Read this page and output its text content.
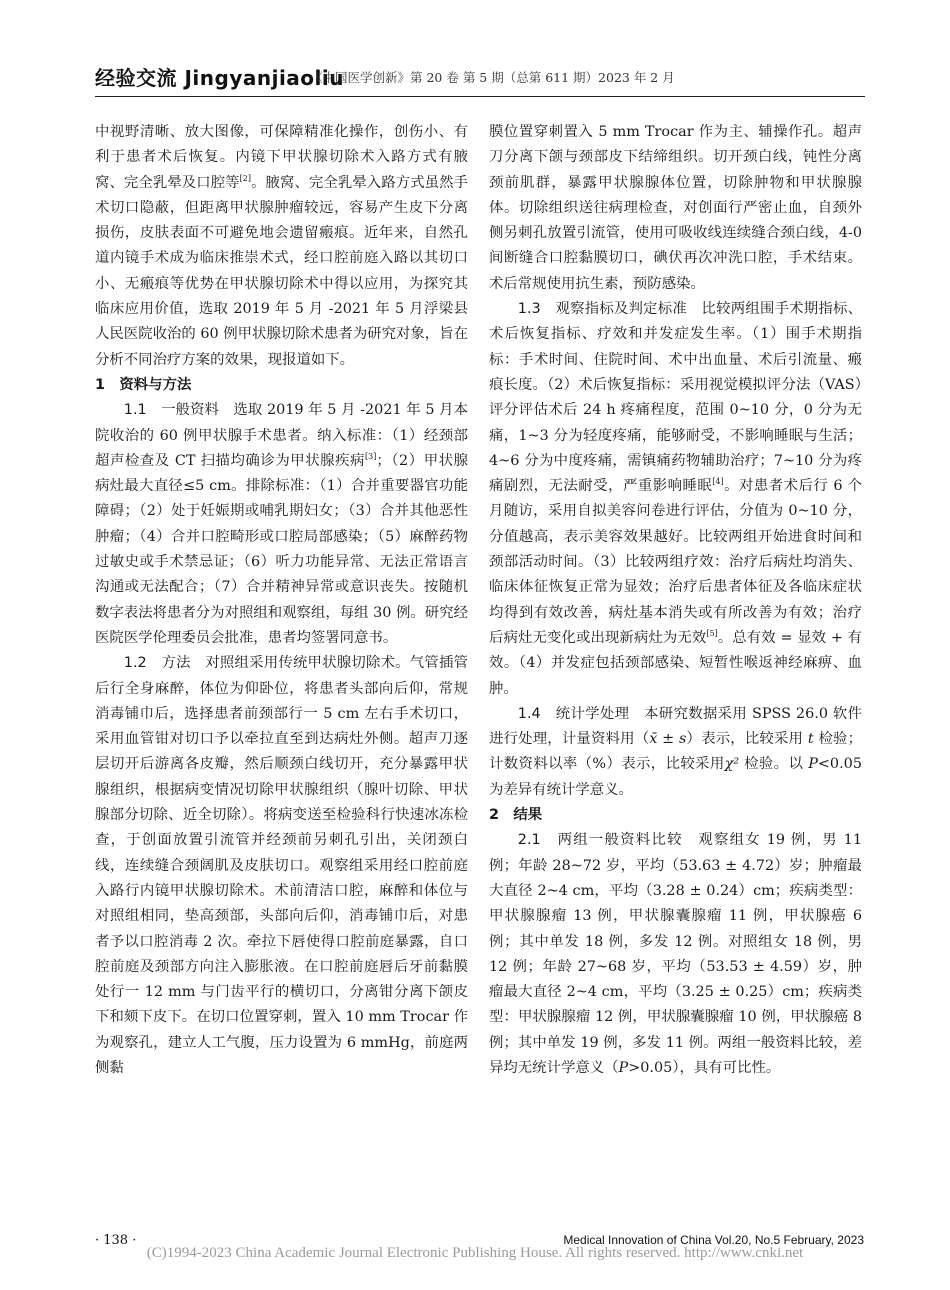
经验交流 Jingyanjiaoliu
《中国医学创新》第 20 卷 第 5 期（总第 611 期）2023 年 2 月

中视野清晰、放大图像，可保障精准化操作，创伤小、有利于患者术后恢复。内镜下甲状腺切除术入路方式有腋窝、完全乳晕及口腔等[2]。腋窝、完全乳晕入路方式虽然手术切口隐蔽，但距离甲状腺肿瘤较远，容易产生皮下分离损伤，皮肤表面不可避免地会遗留瘢痕。近年来，自然孔道内镜手术成为临床推崇术式，经口腔前庭入路以其切口小、无瘢痕等优势在甲状腺切除术中得以应用，为探究其临床应用价值，选取 2019 年 5 月 -2021 年 5 月浮梁县人民医院收治的 60 例甲状腺切除术患者为研究对象，旨在分析不同治疗方案的效果，现报道如下。

1　资料与方法

1.1　一般资料　选取 2019 年 5 月 -2021 年 5 月本院收治的 60 例甲状腺手术患者。纳入标准：（1）经颈部超声检查及 CT 扫描均确诊为甲状腺疾病[3]；（2）甲状腺病灶最大直径≤5 cm。排除标准：（1）合并重要器官功能障碍；（2）处于妊娠期或哺乳期妇女；（3）合并其他恶性肿瘤；（4）合并口腔畸形或口腔局部感染；（5）麻醉药物过敏史或手术禁忌证；（6）听力功能异常、无法正常语言沟通或无法配合；（7）合并精神异常或意识丧失。按随机数字表法将患者分为对照组和观察组，每组 30 例。研究经医院医学伦理委员会批准，患者均签署同意书。

1.2　方法　对照组采用传统甲状腺切除术。气管插管后行全身麻醉，体位为仰卧位，将患者头部向后仰，常规消毒铺巾后，选择患者前颈部行一 5 cm 左右手术切口，采用血管钳对切口予以牵拉直至到达病灶外侧。超声刀逐层切开后游离各皮瓣，然后顺颈白线切开，充分暴露甲状腺组织，根据病变情况切除甲状腺组织（腺叶切除、甲状腺部分切除、近全切除）。将病变送至检验科行快速冰冻检查，于创面放置引流管并经颈前另刺孔引出，关闭颈白线，连续缝合颈阔肌及皮肤切口。观察组采用经口腔前庭入路行内镜甲状腺切除术。术前清洁口腔，麻醉和体位与对照组相同，垫高颈部，头部向后仰，消毒铺巾后，对患者予以口腔消毒 2 次。牵拉下唇使得口腔前庭暴露，自口腔前庭及颈部方向注入膨胀液。在口腔前庭唇后牙前黏膜处行一 12 mm 与门齿平行的横切口，分离钳分离下颌皮下和颏下皮下。在切口位置穿刺，置入 10 mm Trocar 作为观察孔，建立人工气腹，压力设置为 6 mmHg，前庭两侧黏

膜位置穿刺置入 5 mm Trocar 作为主、辅操作孔。超声刀分离下颌与颈部皮下结缔组织。切开颈白线，钝性分离颈前肌群，暴露甲状腺腺体位置，切除肿物和甲状腺腺体。切除组织送往病理检查，对创面行严密止血，自颈外侧另刺孔放置引流管，使用可吸收线连续缝合颈白线，4-0 间断缝合口腔黏膜切口，碘伏再次冲洗口腔，手术结束。术后常规使用抗生素，预防感染。

1.3　观察指标及判定标准　比较两组围手术期指标、术后恢复指标、疗效和并发症发生率。（1）围手术期指标：手术时间、住院时间、术中出血量、术后引流量、瘢痕长度。（2）术后恢复指标：采用视觉模拟评分法（VAS）评分评估术后 24 h 疼痛程度，范围 0~10 分，0 分为无痛，1~3 分为轻度疼痛，能够耐受，不影响睡眠与生活；4~6 分为中度疼痛，需镇痛药物辅助治疗；7~10 分为疼痛剧烈，无法耐受，严重影响睡眠[4]。对患者术后行 6 个月随访，采用自拟美容问卷进行评估，分值为 0~10 分，分值越高，表示美容效果越好。比较两组开始进食时间和颈部活动时间。（3）比较两组疗效：治疗后病灶均消失、临床体征恢复正常为显效；治疗后患者体征及各临床症状均得到有效改善，病灶基本消失或有所改善为有效；治疗后病灶无变化或出现新病灶为无效[5]。总有效 = 显效 + 有效。（4）并发症包括颈部感染、短暂性喉返神经麻痹、血肿。

1.4　统计学处理　本研究数据采用 SPSS 26.0 软件进行处理，计量资料用（x̄ ± s）表示，比较采用 t 检验；计数资料以率（%）表示，比较采用χ² 检验。以 P<0.05 为差异有统计学意义。

2　结果

2.1　两组一般资料比较　观察组女 19 例，男 11 例；年龄 28~72 岁，平均（53.63 ± 4.72）岁；肿瘤最大直径 2~4 cm，平均（3.28 ± 0.24）cm；疾病类型：甲状腺腺瘤 13 例，甲状腺囊腺瘤 11 例，甲状腺癌 6 例；其中单发 18 例，多发 12 例。对照组女 18 例，男 12 例；年龄 27~68 岁，平均（53.53 ± 4.59）岁，肿瘤最大直径 2~4 cm，平均（3.25 ± 0.25）cm；疾病类型：甲状腺腺瘤 12 例，甲状腺囊腺瘤 10 例，甲状腺癌 8 例；其中单发 19 例，多发 11 例。两组一般资料比较，差异均无统计学意义（P>0.05），具有可比性。

· 138 ·	Medical Innovation of China Vol.20, No.5 February, 2023
(C)1994-2023 China Academic Journal Electronic Publishing House. All rights reserved. http://www.cnki.net
